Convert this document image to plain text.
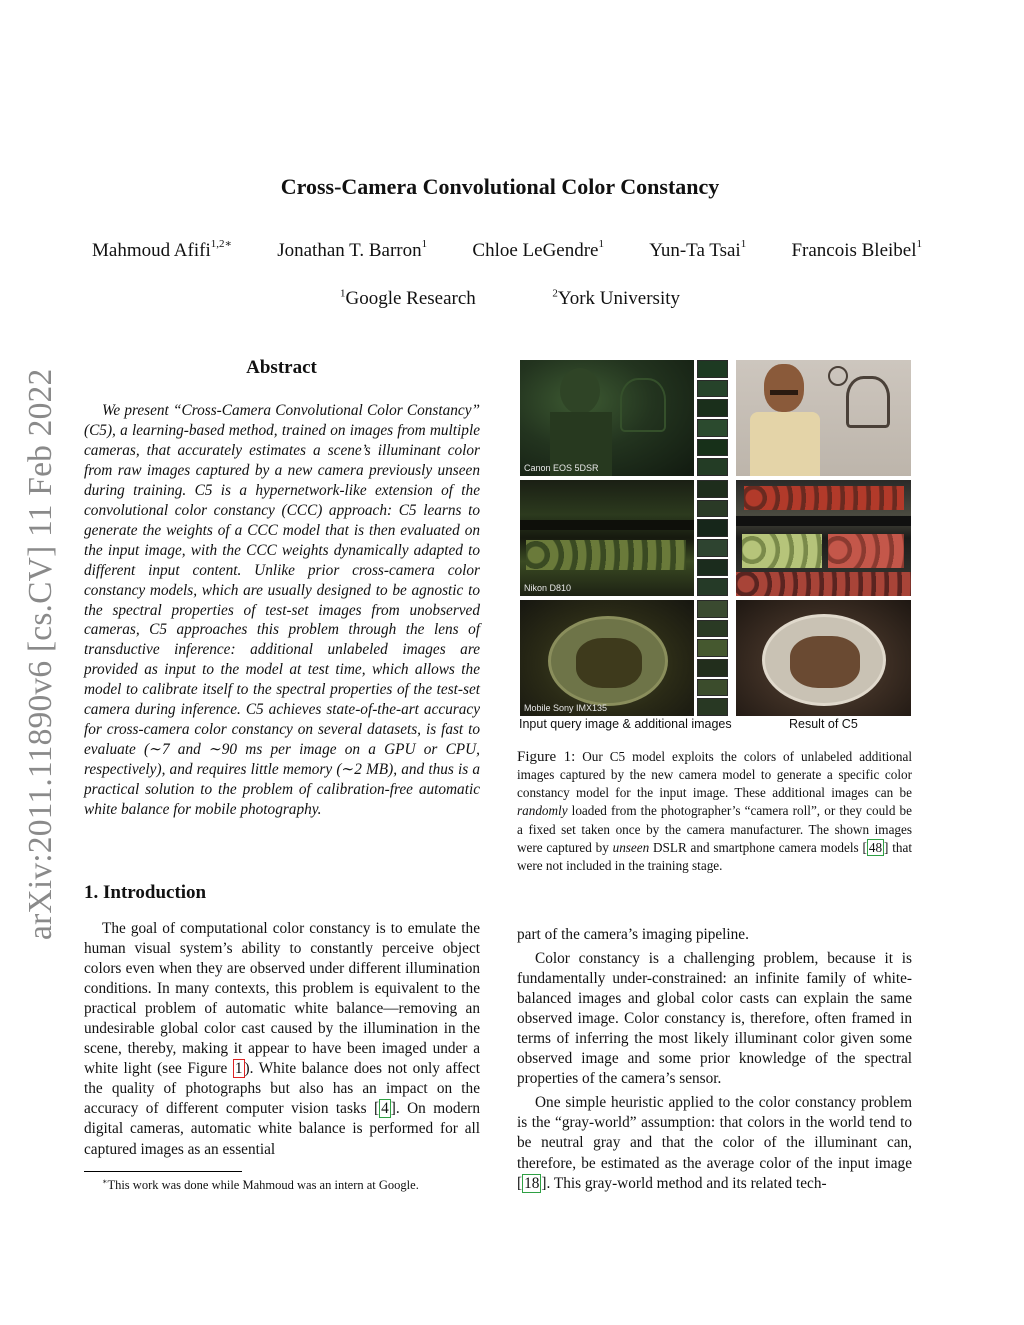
arXiv:2011.11890v6 [cs.CV] 11 Feb 2022
Cross-Camera Convolutional Color Constancy
Mahmoud Afifi$^{1,2∗}$ Jonathan T. Barron$^1$ Chloe LeGendre$^1$ Yun-Ta Tsai$^1$ Francois Bleibel$^1$
$^1$Google Research	$^2$York University
Abstract
We present “Cross-Camera Convolutional Color Constancy” (C5), a learning-based method, trained on images from multiple cameras, that accurately estimates a scene’s illuminant color from raw images captured by a new camera previously unseen during training. C5 is a hypernetwork-like extension of the convolutional color constancy (CCC) approach: C5 learns to generate the weights of a CCC model that is then evaluated on the input image, with the CCC weights dynamically adapted to different input content. Unlike prior cross-camera color constancy models, which are usually designed to be agnostic to the spectral properties of test-set images from unobserved cameras, C5 approaches this problem through the lens of transductive inference: additional unlabeled images are provided as input to the model at test time, which allows the model to calibrate itself to the spectral properties of the test-set camera during inference. C5 achieves state-of-the-art accuracy for cross-camera color constancy on several datasets, is fast to evaluate (∼7 and ∼90 ms per image on a GPU or CPU, respectively), and requires little memory (∼2 MB), and thus is a practical solution to the problem of calibration-free automatic white balance for mobile photography.
1. Introduction
The goal of computational color constancy is to emulate the human visual system’s ability to constantly perceive object colors even when they are observed under different illumination conditions. In many contexts, this problem is equivalent to the practical problem of automatic white balance—removing an undesirable global color cast caused by the illumination in the scene, thereby, making it appear to have been imaged under a white light (see Figure 1 ). White balance does not only affect the quality of photographs but also has an impact on the accuracy of different computer vision tasks [ 4 ]. On modern digital cameras, automatic white balance is performed for all captured images as an essential
∗This work was done while Mahmoud was an intern at Google.
Canon EOS 5DSR
Nikon D810
Mobile Sony IMX135
Input query image & additional images	Result of C5
Figure 1: Our C5 model exploits the colors of unlabeled additional images captured by the new camera model to generate a specific color constancy model for the input image. These additional images can be randomly loaded from the photographer’s “camera roll”, or they could be a fixed set taken once by the camera manufacturer. The shown images were captured by unseen DSLR and smartphone camera models [ 48 ] that were not included in the training stage.

part of the camera’s imaging pipeline.

Color constancy is a challenging problem, because it is fundamentally under-constrained: an infinite family of white-balanced images and global color casts can explain the same observed image. Color constancy is, therefore, often framed in terms of inferring the most likely illuminant color given some observed image and some prior knowledge of the spectral properties of the camera’s sensor.

One simple heuristic applied to the color constancy problem is the “gray-world” assumption: that colors in the world tend to be neutral gray and that the color of the illuminant can, therefore, be estimated as the average color of the input image [ 18 ]. This gray-world method and its related tech-
